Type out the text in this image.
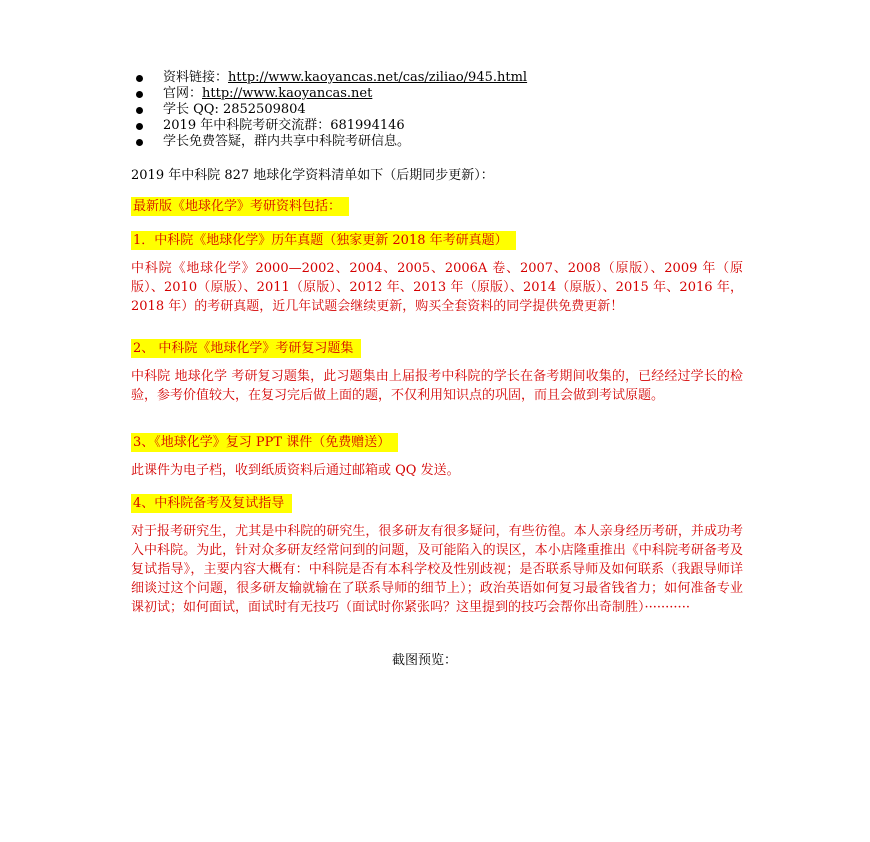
资料链接： http://www.kaoyancas.net/cas/ziliao/945.html
官网： http://www.kaoyancas.net
学长 QQ: 2852509804
2019 年中科院考研交流群：681994146
学长免费答疑，群内共享中科院考研信息。
2019 年中科院 827 地球化学资料清单如下（后期同步更新）：
最新版《地球化学》考研资料包括：
1．中科院《地球化学》历年真题（独家更新 2018 年考研真题）

中科院《地球化学》2000—2002、2004、2005、2006A 卷、2007、2008（原版）、2009 年（原版）、2010（原版）、2011（原版）、2012 年、2013 年（原版）、2014（原版）、2015 年、2016 年，2018 年）的考研真题，近几年试题会继续更新，购买全套资料的同学提供免费更新！

2、 中科院《地球化学》考研复习题集

中科院 地球化学 考研复习题集，此习题集由上届报考中科院的学长在备考期间收集的，已经经过学长的检验，参考价值较大，在复习完后做上面的题，不仅利用知识点的巩固，而且会做到考试原题。

3、《地球化学》复习 PPT 课件（免费赠送）

此课件为电子档，收到纸质资料后通过邮箱或 QQ 发送。

4、中科院备考及复试指导

对于报考研究生，尤其是中科院的研究生，很多研友有很多疑问，有些彷徨。本人亲身经历考研，并成功考入中科院。为此，针对众多研友经常问到的问题，及可能陷入的误区，本小店隆重推出《中科院考研备考及复试指导》，主要内容大概有：中科院是否有本科学校及性别歧视；是否联系导师及如何联系（我跟导师详细谈过这个问题，很多研友输就输在了联系导师的细节上）；政治英语如何复习最省钱省力；如何准备专业课初试；如何面试，面试时有无技巧（面试时你紧张吗？这里提到的技巧会帮你出奇制胜）···········

截图预览：
